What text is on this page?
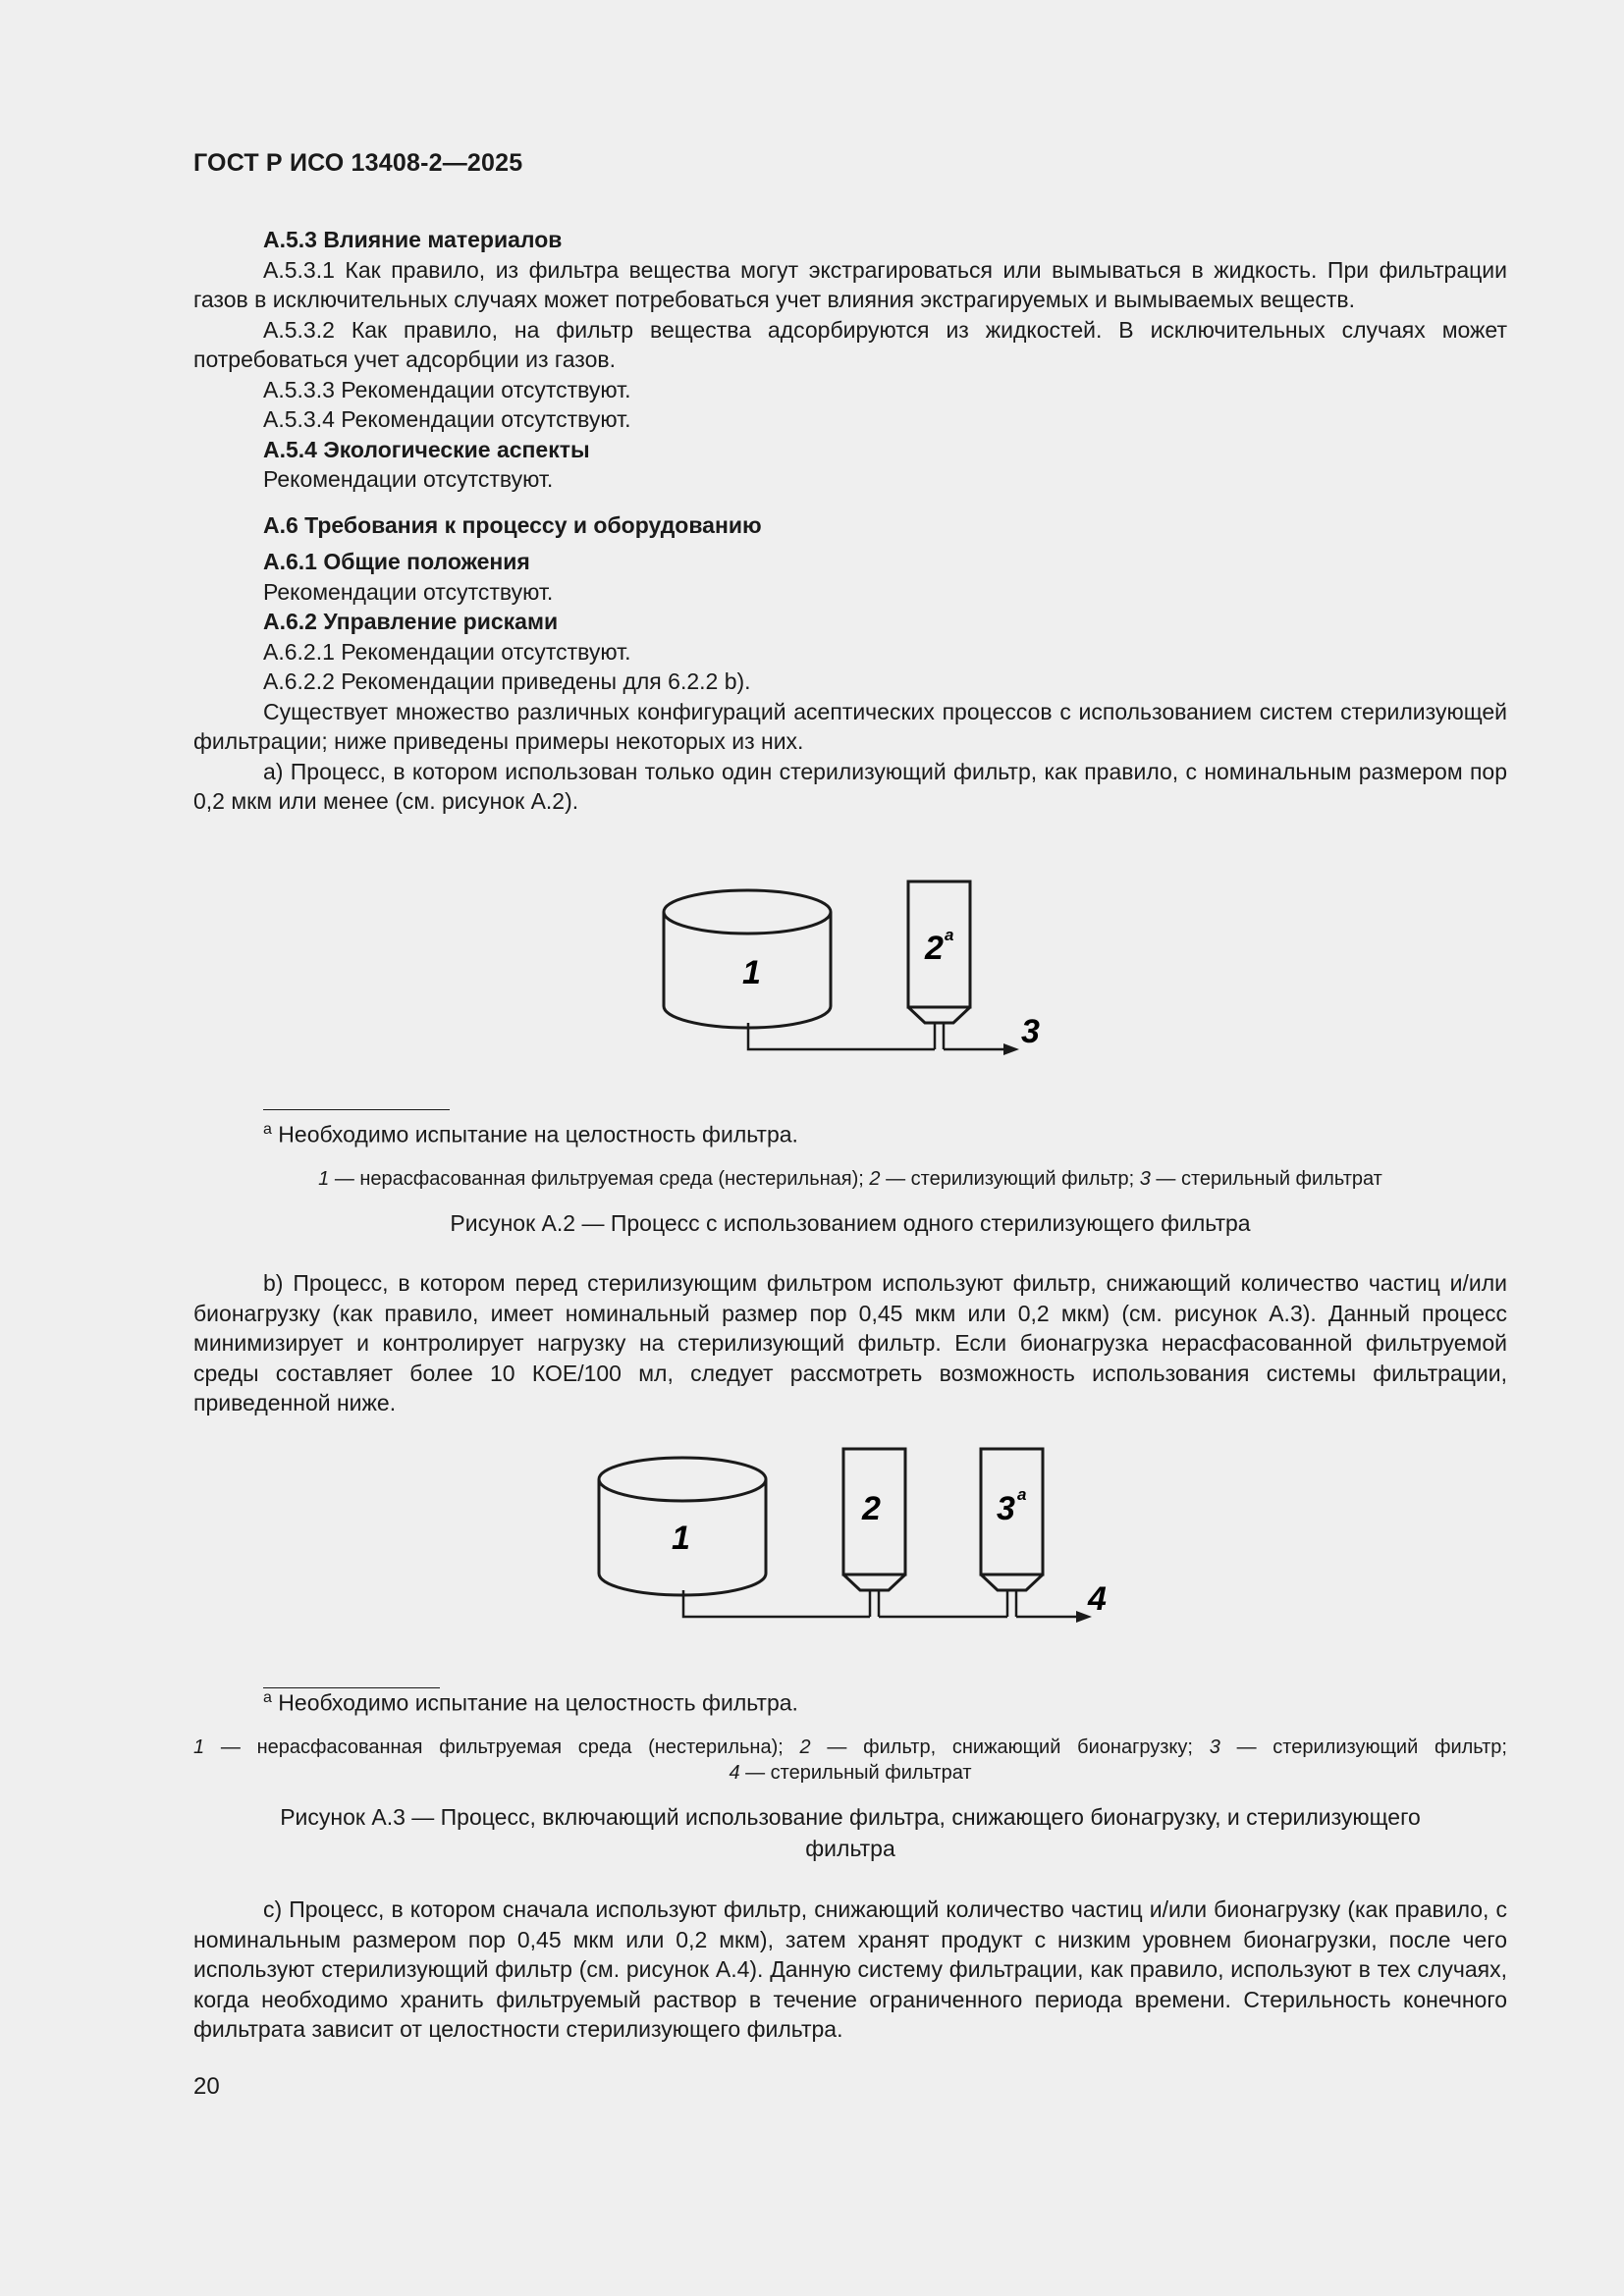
ГОСТ Р ИСО 13408-2—2025

А.5.3 Влияние материалов

А.5.3.1 Как правило, из фильтра вещества могут экстрагироваться или вымываться в жидкость. При фильтрации газов в исключительных случаях может потребоваться учет влияния экстрагируемых и вымываемых веществ.

А.5.3.2 Как правило, на фильтр вещества адсорбируются из жидкостей. В исключительных случаях может потребоваться учет адсорбции из газов.

А.5.3.3 Рекомендации отсутствуют.

А.5.3.4 Рекомендации отсутствуют.

А.5.4 Экологические аспекты

Рекомендации отсутствуют.

А.6 Требования к процессу и оборудованию

А.6.1 Общие положения

Рекомендации отсутствуют.

А.6.2 Управление рисками

А.6.2.1 Рекомендации отсутствуют.

А.6.2.2 Рекомендации приведены для 6.2.2 b).

Существует множество различных конфигураций асептических процессов с использованием систем стерилизующей фильтрации; ниже приведены примеры некоторых из них.

а) Процесс, в котором использован только один стерилизующий фильтр, как правило, с номинальным размером пор 0,2 мкм или менее (см. рисунок А.2).

1
2 a
3
$^a$ Необходимо испытание на целостность фильтра.
1 — нерасфасованная фильтруемая среда (нестерильная); 2 — стерилизующий фильтр; 3 — стерильный фильтрат
Рисунок А.2 — Процесс с использованием одного стерилизующего фильтра

b) Процесс, в котором перед стерилизующим фильтром используют фильтр, снижающий количество частиц и/или бионагрузку (как правило, имеет номинальный размер пор 0,45 мкм или 0,2 мкм) (см. рисунок А.3). Данный процесс минимизирует и контролирует нагрузку на стерилизующий фильтр. Если бионагрузка нерасфасованной фильтруемой среды составляет более 10 КОЕ/100 мл, следует рассмотреть возможность использования системы фильтрации, приведенной ниже.

1
2	3 a
4
$^a$ Необходимо испытание на целостность фильтра.
1 — нерасфасованная фильтруемая среда (нестерильна); 2 — фильтр, снижающий бионагрузку; 3 — стерилизующий фильтр;
4 — стерильный фильтрат
Рисунок А.3 — Процесс, включающий использование фильтра, снижающего бионагрузку, и стерилизующего
фильтра

с) Процесс, в котором сначала используют фильтр, снижающий количество частиц и/или бионагрузку (как правило, с номинальным размером пор 0,45 мкм или 0,2 мкм), затем хранят продукт с низким уровнем бионагрузки, после чего используют стерилизующий фильтр (см. рисунок А.4). Данную систему фильтрации, как правило, используют в тех случаях, когда необходимо хранить фильтруемый раствор в течение ограниченного периода времени. Стерильность конечного фильтрата зависит от целостности стерилизующего фильтра.

20
